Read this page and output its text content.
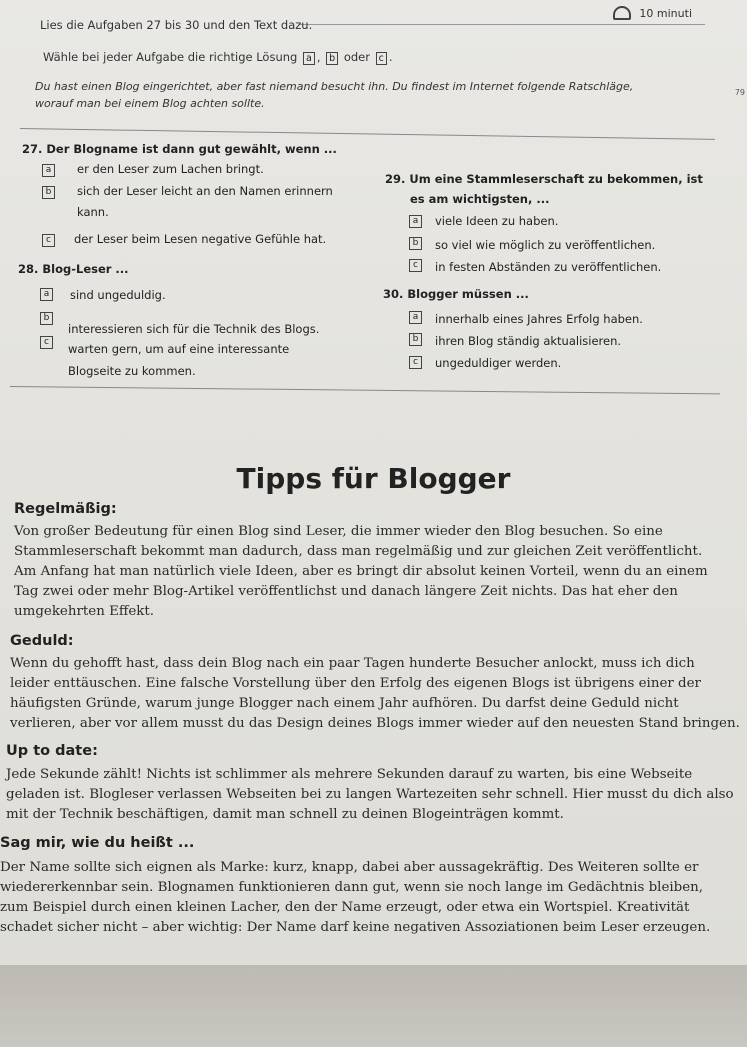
10 minuti
Lies die Aufgaben 27 bis 30 und den Text dazu.
Wähle bei jeder Aufgabe die richtige Lösung a , b oder c .
Du hast einen Blog eingerichtet, aber fast niemand besucht ihn. Du findest im Internet folgende Ratschläge,
worauf man bei einem Blog achten sollte.
79
27. Der Blogname ist dann gut gewählt, wenn ...
a	er den Leser zum Lachen bringt.
b	sich der Leser leicht an den Namen erinnern
kann.
c	der Leser beim Lesen negative Gefühle hat.
28. Blog-Leser ...
a	sind ungeduldig.
b
interessieren sich für die Technik des Blogs.
c	warten gern, um auf eine interessante
Blogseite zu kommen.
29. Um eine Stammleserschaft zu bekommen, ist
es am wichtigsten, ...
a	viele Ideen zu haben.
b	so viel wie möglich zu veröffentlichen.
c	in festen Abständen zu veröffentlichen.
30. Blogger müssen ...
a	innerhalb eines Jahres Erfolg haben.
b	ihren Blog ständig aktualisieren.
c	ungeduldiger werden.
Tipps für Blogger
Regelmäßig:
Von großer Bedeutung für einen Blog sind Leser, die immer wieder den Blog besuchen. So eine
Stammleserschaft bekommt man dadurch, dass man regelmäßig und zur gleichen Zeit veröffentlicht.
Am Anfang hat man natürlich viele Ideen, aber es bringt dir absolut keinen Vorteil, wenn du an einem
Tag zwei oder mehr Blog-Artikel veröffentlichst und danach längere Zeit nichts. Das hat eher den
umgekehrten Effekt.
Geduld:
Wenn du gehofft hast, dass dein Blog nach ein paar Tagen hunderte Besucher anlockt, muss ich dich
leider enttäuschen. Eine falsche Vorstellung über den Erfolg des eigenen Blogs ist übrigens einer der
häufigsten Gründe, warum junge Blogger nach einem Jahr aufhören. Du darfst deine Geduld nicht
verlieren, aber vor allem musst du das Design deines Blogs immer wieder auf den neuesten Stand bringen.
Up to date:
Jede Sekunde zählt! Nichts ist schlimmer als mehrere Sekunden darauf zu warten, bis eine Webseite
geladen ist. Blogleser verlassen Webseiten bei zu langen Wartezeiten sehr schnell. Hier musst du dich also
mit der Technik beschäftigen, damit man schnell zu deinen Blogeinträgen kommt.
Sag mir, wie du heißt ...
Der Name sollte sich eignen als Marke: kurz, knapp, dabei aber aussagekräftig. Des Weiteren sollte er
wiedererkennbar sein. Blognamen funktionieren dann gut, wenn sie noch lange im Gedächtnis bleiben,
zum Beispiel durch einen kleinen Lacher, den der Name erzeugt, oder etwa ein Wortspiel. Kreativität
schadet sicher nicht – aber wichtig: Der Name darf keine negativen Assoziationen beim Leser erzeugen.
